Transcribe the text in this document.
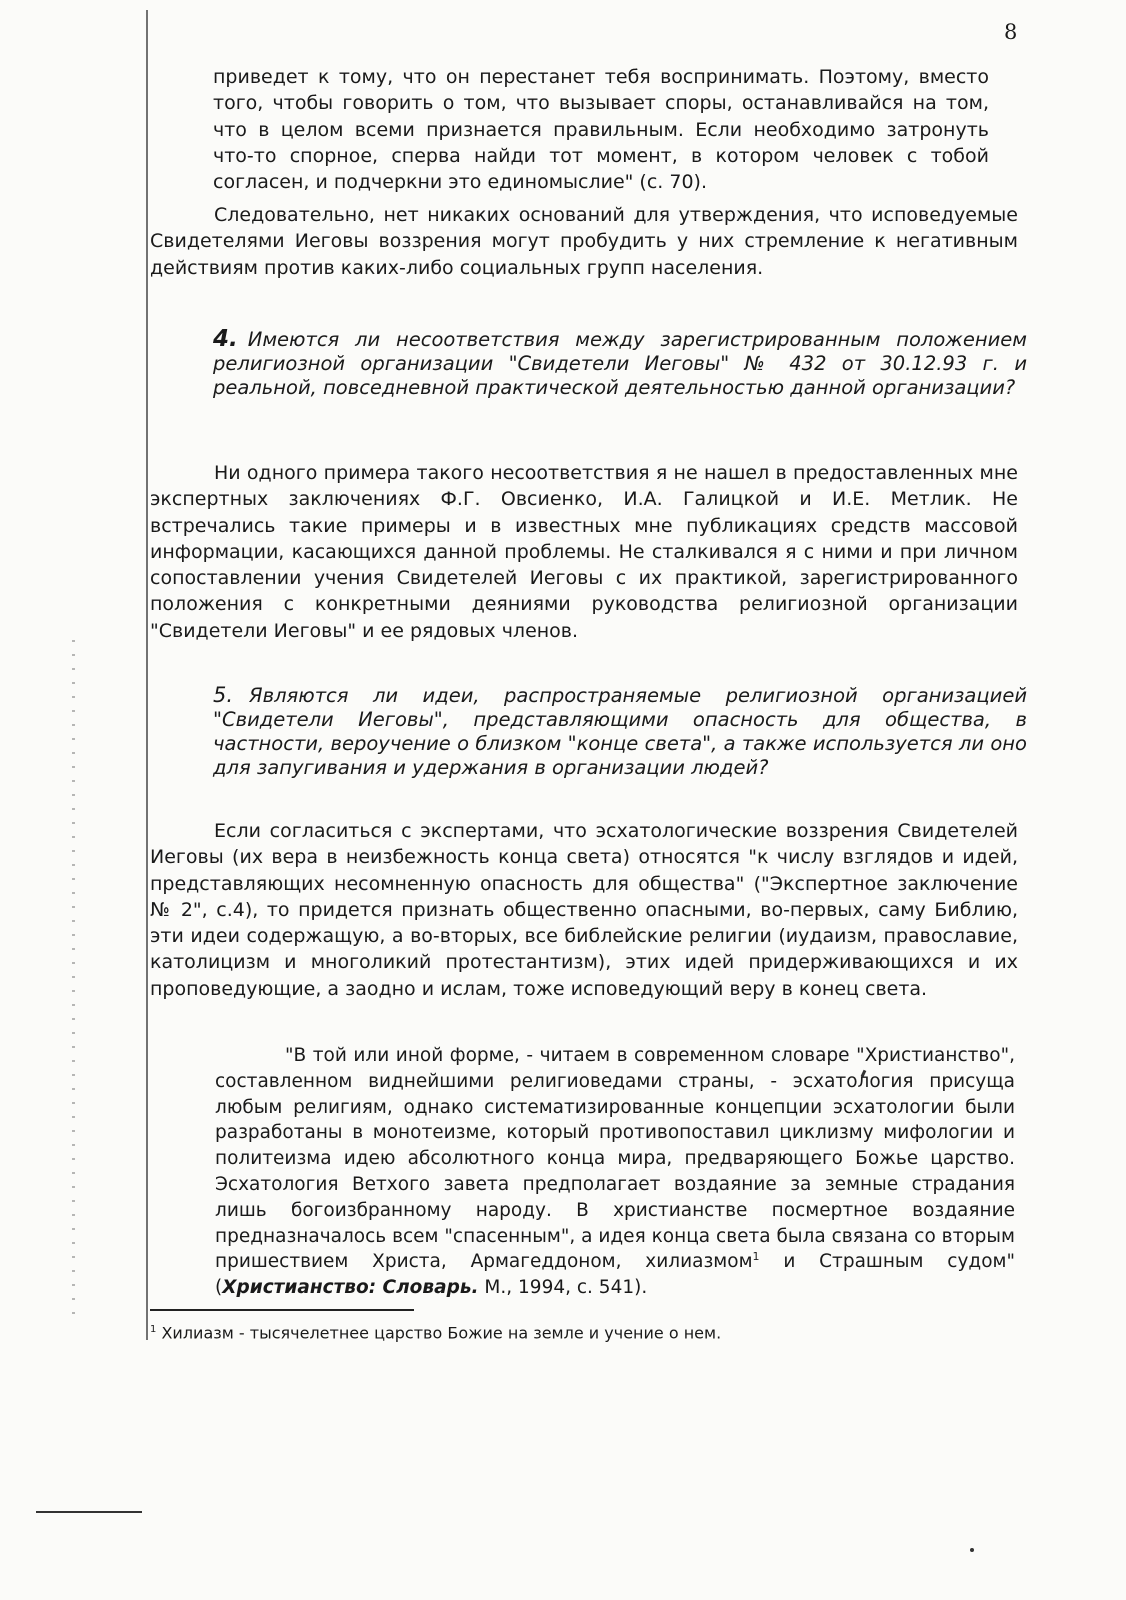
8

приведет к тому, что он перестанет тебя воспринимать. Поэтому, вместо того, чтобы говорить о том, что вызывает споры, останавливайся на том, что в целом всеми признается правильным. Если необходимо затронуть что-то спорное, сперва найди тот момент, в котором человек с тобой согласен, и подчеркни это единомыслие" (с. 70).

Следовательно, нет никаких оснований для утверждения, что исповедуемые Свидетелями Иеговы воззрения могут пробудить у них стремление к негативным действиям против каких-либо социальных групп населения.

4. Имеются ли несоответствия между зарегистрированным положением религиозной организации "Свидетели Иеговы" № 432 от 30.12.93 г. и реальной, повседневной практической деятельностью данной организации?

Ни одного примера такого несоответствия я не нашел в предоставленных мне экспертных заключениях Ф.Г. Овсиенко, И.А. Галицкой и И.Е. Метлик. Не встречались такие примеры и в известных мне публикациях средств массовой информации, касающихся данной проблемы. Не сталкивался я с ними и при личном сопоставлении учения Свидетелей Иеговы с их практикой, зарегистрированного положения с конкретными деяниями руководства религиозной организации "Свидетели Иеговы" и ее рядовых членов.

5. Являются ли идеи, распространяемые религиозной организацией "Свидетели Иеговы", представляющими опасность для общества, в частности, вероучение о близком "конце света", а также используется ли оно для запугивания и удержания в организации людей?

Если согласиться с экспертами, что эсхатологические воззрения Свидетелей Иеговы (их вера в неизбежность конца света) относятся "к числу взглядов и идей, представляющих несомненную опасность для общества" ("Экспертное заключение № 2", с.4), то придется признать общественно опасными, во-первых, саму Библию, эти идеи содержащую, а во-вторых, все библейские религии (иудаизм, православие, католицизм и многоликий протестантизм), этих идей придерживающихся и их проповедующие, а заодно и ислам, тоже исповедующий веру в конец света.

"В той или иной форме, - читаем в современном словаре "Христианство", составленном виднейшими религиоведами страны, - эсхатология присуща любым религиям, однако систематизированные концепции эсхатологии были разработаны в монотеизме, который противопоставил циклизму мифологии и политеизма идею абсолютного конца мира, предваряющего Божье царство. Эсхатология Ветхого завета предполагает воздаяние за земные страдания лишь богоизбранному народу. В христианстве посмертное воздаяние предназначалось всем "спасенным", а идея конца света была связана со вторым пришествием Христа, Армагеддоном, хилиазмом$^1$ и Страшным судом" (Христианство: Словарь. М., 1994, с. 541).

$^1$ Хилиазм - тысячелетнее царство Божие на земле и учение о нем.
